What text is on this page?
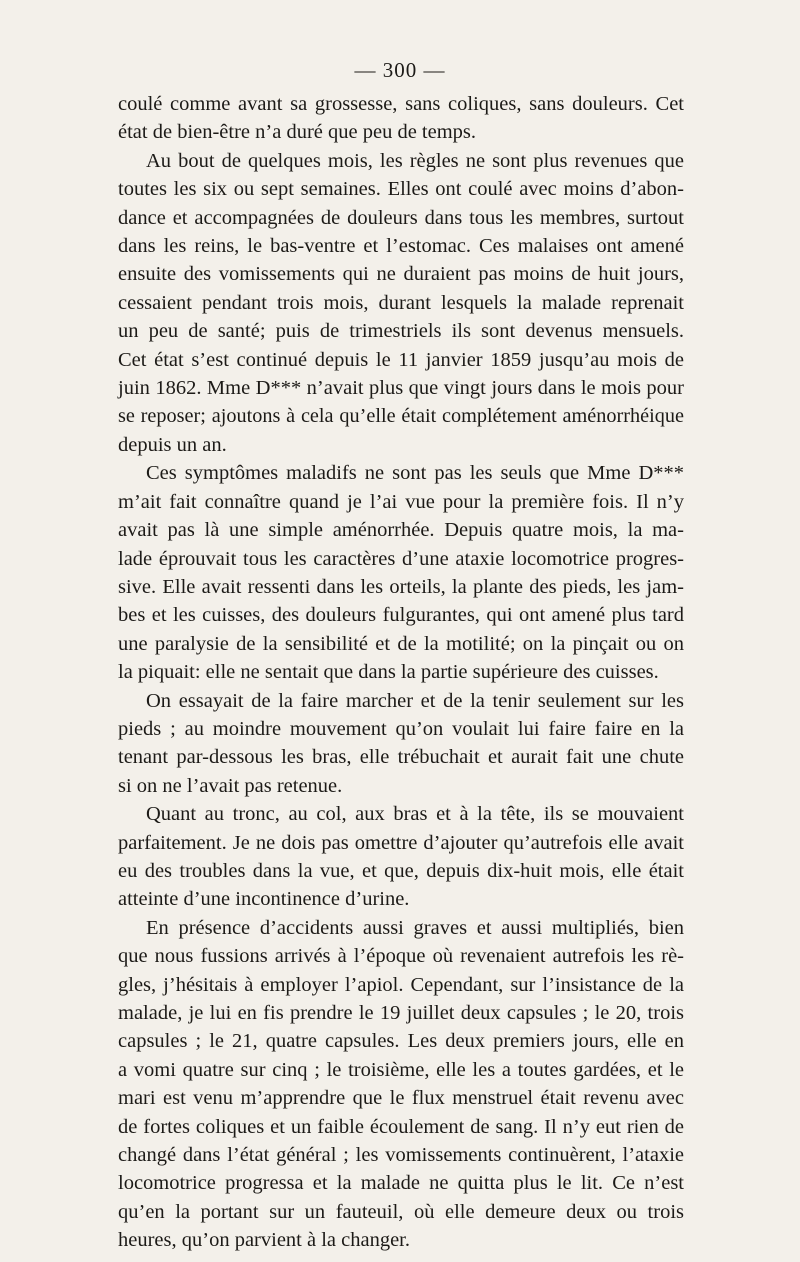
— 300 —
coulé comme avant sa grossesse, sans coliques, sans douleurs. Cet
état de bien-être n’a duré que peu de temps.
Au bout de quelques mois, les règles ne sont plus revenues que
toutes les six ou sept semaines. Elles ont coulé avec moins d’abon-
dance et accompagnées de douleurs dans tous les membres, surtout
dans les reins, le bas-ventre et l’estomac. Ces malaises ont amené
ensuite des vomissements qui ne duraient pas moins de huit jours,
cessaient pendant trois mois, durant lesquels la malade reprenait
un peu de santé; puis de trimestriels ils sont devenus mensuels.
Cet état s’est continué depuis le 11 janvier 1859 jusqu’au mois de
juin 1862. Mme D*** n’avait plus que vingt jours dans le mois pour
se reposer; ajoutons à cela qu’elle était complétement aménorrhéique
depuis un an.
Ces symptômes maladifs ne sont pas les seuls que Mme D***
m’ait fait connaître quand je l’ai vue pour la première fois. Il n’y
avait pas là une simple aménorrhée. Depuis quatre mois, la ma-
lade éprouvait tous les caractères d’une ataxie locomotrice progres-
sive. Elle avait ressenti dans les orteils, la plante des pieds, les jam-
bes et les cuisses, des douleurs fulgurantes, qui ont amené plus tard
une paralysie de la sensibilité et de la motilité; on la pinçait ou on
la piquait: elle ne sentait que dans la partie supérieure des cuisses.
On essayait de la faire marcher et de la tenir seulement sur les
pieds ; au moindre mouvement qu’on voulait lui faire faire en la
tenant par-dessous les bras, elle trébuchait et aurait fait une chute
si on ne l’avait pas retenue.
Quant au tronc, au col, aux bras et à la tête, ils se mouvaient
parfaitement. Je ne dois pas omettre d’ajouter qu’autrefois elle avait
eu des troubles dans la vue, et que, depuis dix-huit mois, elle était
atteinte d’une incontinence d’urine.
En présence d’accidents aussi graves et aussi multipliés, bien
que nous fussions arrivés à l’époque où revenaient autrefois les rè-
gles, j’hésitais à employer l’apiol. Cependant, sur l’insistance de la
malade, je lui en fis prendre le 19 juillet deux capsules ; le 20, trois
capsules ; le 21, quatre capsules. Les deux premiers jours, elle en
a vomi quatre sur cinq ; le troisième, elle les a toutes gardées, et le
mari est venu m’apprendre que le flux menstruel était revenu avec
de fortes coliques et un faible écoulement de sang. Il n’y eut rien de
changé dans l’état général ; les vomissements continuèrent, l’ataxie
locomotrice progressa et la malade ne quitta plus le lit. Ce n’est
qu’en la portant sur un fauteuil, où elle demeure deux ou trois
heures, qu’on parvient à la changer.
